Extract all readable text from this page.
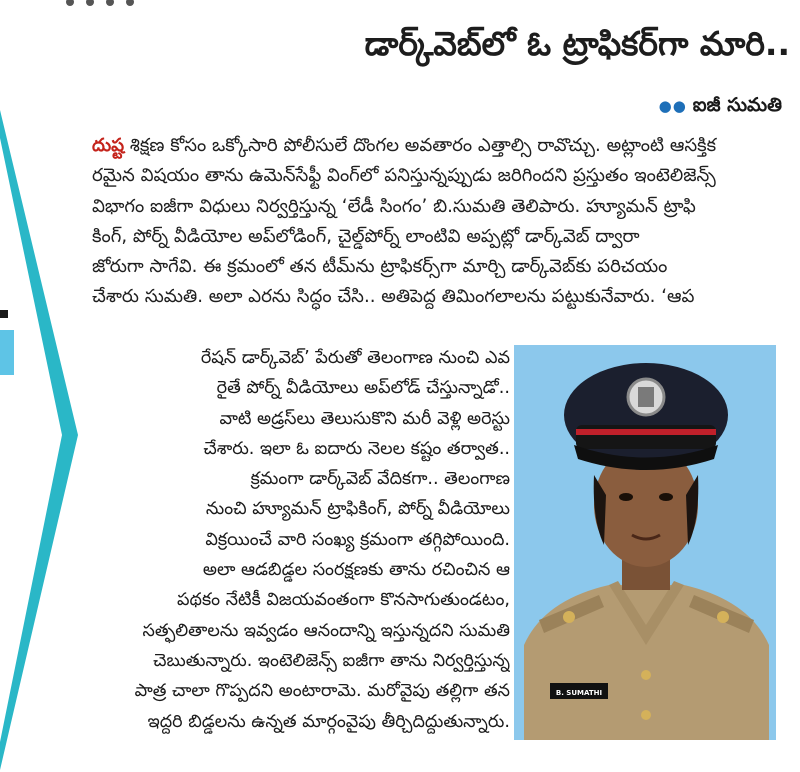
డార్క్‌వెబ్‌లో ఓ ట్రాఫికర్‌గా మారి..
●● ఐజీ సుమతి
దుష్ట శిక్షణ కోసం ఒక్కోసారి పోలీసులే దొంగల అవతారం ఎత్తాల్సి రావొచ్చు. అట్లాంటి ఆసక్తిక
రమైన విషయం తాను ఉమెన్‌సేఫ్టీ వింగ్‌లో పనిస్తున్నప్పుడు జరిగిందని ప్రస్తుతం ఇంటెలిజెన్స్
విభాగం ఐజీగా విధులు నిర్వర్తిస్తున్న ‘లేడీ సింగం’ బి.సుమతి తెలిపారు. హ్యూమన్ ట్రాఫి
కింగ్, పోర్న్ వీడియోల అప్‌లోడింగ్, చైల్డ్‌పోర్న్ లాంటివి అప్పట్లో డార్క్‌వెబ్ ద్వారా
జోరుగా సాగేవి. ఈ క్రమంలో తన టీమ్‌ను ట్రాఫికర్స్‌గా మార్చి డార్క్‌వెబ్‌కు పరిచయం
చేశారు సుమతి. అలా ఎరను సిద్ధం చేసి.. అతిపెద్ద తిమింగలాలను పట్టుకునేవారు. ‘ఆప
రేషన్ డార్క్‌వెబ్’ పేరుతో తెలంగాణ నుంచి ఎవ
రైతే పోర్న్ వీడియోలు అప్‌లోడ్ చేస్తున్నాడో..
వాటి అడ్రస్‌లు తెలుసుకొని మరీ వెళ్లి అరెస్టు
చేశారు. ఇలా ఓ ఐదారు నెలల కష్టం తర్వాత..
క్రమంగా డార్క్‌వెబ్ వేదికగా.. తెలంగాణ
నుంచి హ్యూమన్ ట్రాఫికింగ్, పోర్న్ వీడియోలు
విక్రయించే వారి సంఖ్య క్రమంగా తగ్గిపోయింది.
అలా ఆడబిడ్డల సంరక్షణకు తాను రచించిన ఆ
పథకం నేటికీ విజయవంతంగా కొనసాగుతుండటం,
సత్ఫలితాలను ఇవ్వడం ఆనందాన్ని ఇస్తున్నదని సుమతి
చెబుతున్నారు. ఇంటెలిజెన్స్ ఐజీగా తాను నిర్వర్తిస్తున్న
పాత్ర చాలా గొప్పదని అంటారామె. మరోవైపు తల్లిగా తన
ఇద్దరి బిడ్డలను ఉన్నత మార్గంవైపు తీర్చిదిద్దుతున్నారు.
B. SUMATHI
